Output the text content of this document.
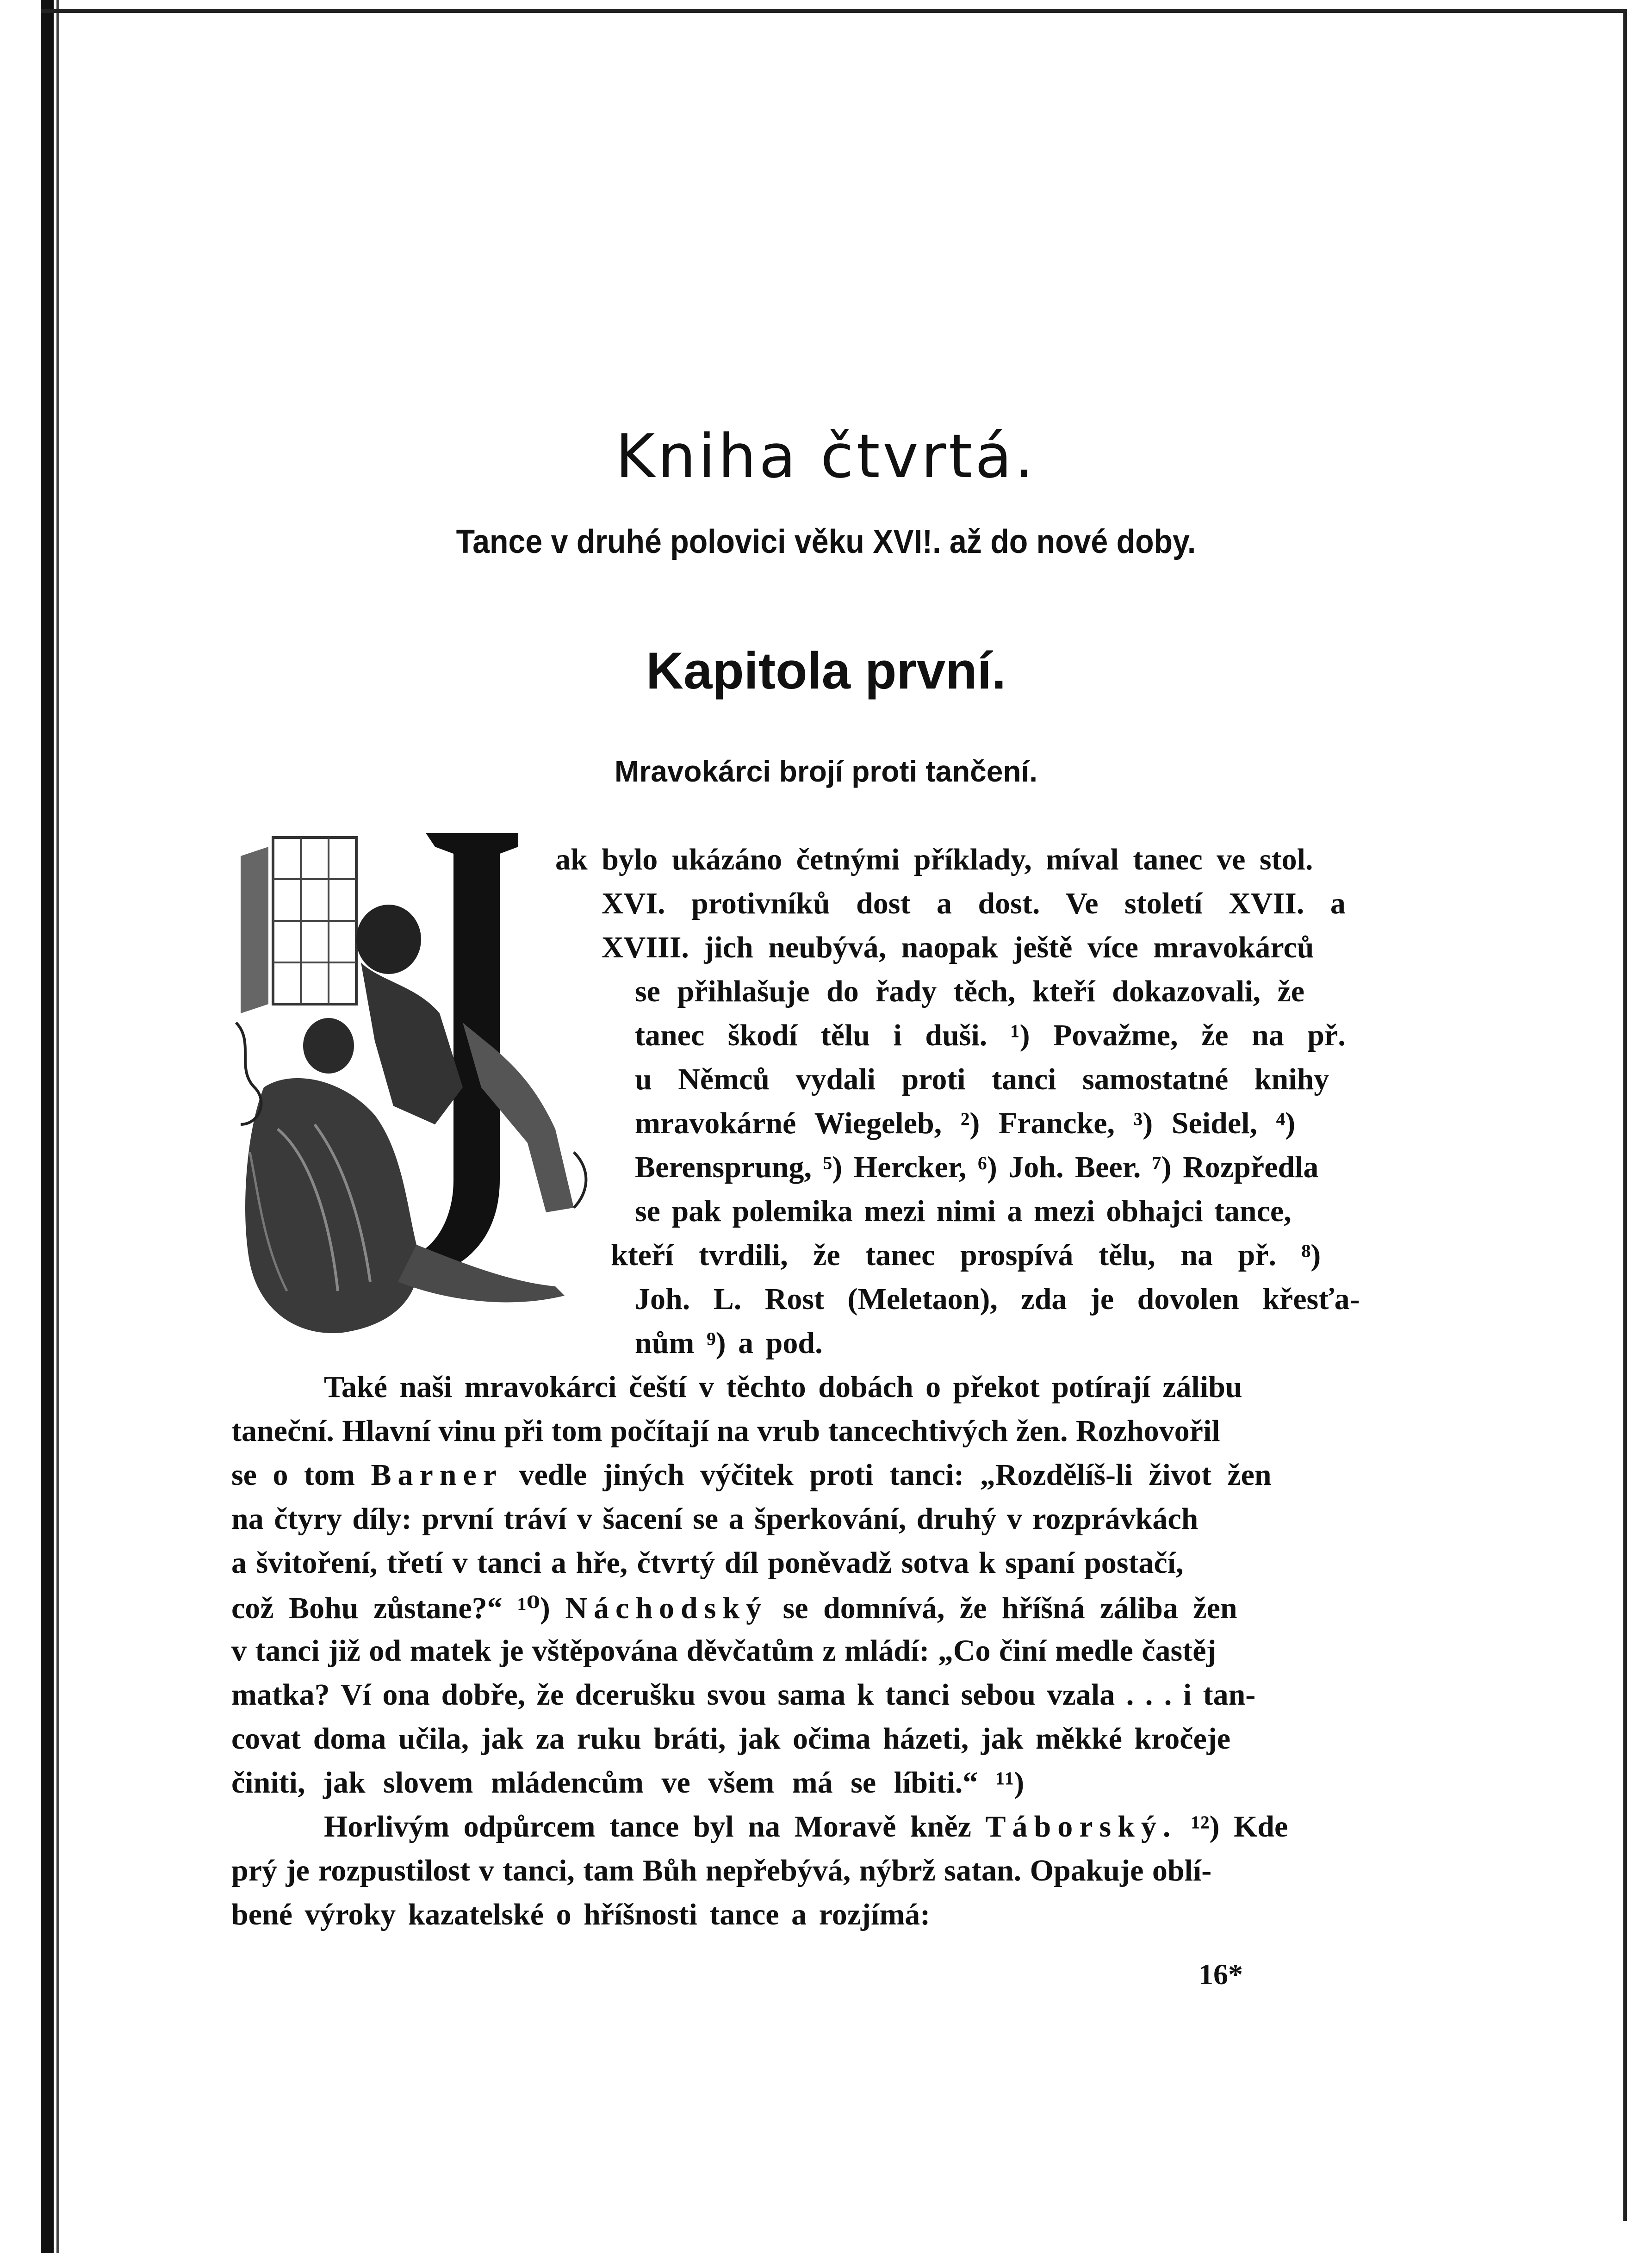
Kniha čtvrtá.
Tance v druhé polovici věku XVI!. až do nové doby.
Kapitola první.
Mravokárci brojí proti tančení.
ak bylo ukázáno četnými příklady, míval tanec ve stol.
XVI. protivníků dost a dost. Ve století XVII. a
XVIII. jich neubývá, naopak ještě více mravokárců
se přihlašuje do řady těch, kteří dokazovali, že
tanec škodí tělu i duši. ¹) Považme, že na př.
u Němců vydali proti tanci samostatné knihy
mravokárné Wiegeleb, ²) Francke, ³) Seidel, ⁴)
Berensprung, ⁵) Hercker, ⁶) Joh. Beer. ⁷) Rozpředla
se pak polemika mezi nimi a mezi obhajci tance,
kteří tvrdili, že tanec prospívá tělu, na př. ⁸)
Joh. L. Rost (Meletaon), zda je dovolen křesťa-
nům ⁹) a pod.
Také naši mravokárci čeští v těchto dobách o překot potírají zálibu
taneční. Hlavní vinu při tom počítají na vrub tancechtivých žen. Rozhovořil
se o tom Barner vedle jiných výčitek proti tanci: „Rozdělíš-li život žen
na čtyry díly: první tráví v šacení se a šperkování, druhý v rozprávkách
a švitoření, třetí v tanci a hře, čtvrtý díl poněvadž sotva k spaní postačí,
což Bohu zůstane?“ ¹⁰) Náchodský se domnívá, že hříšná záliba žen
v tanci již od matek je vštěpována děvčatům z mládí: „Co činí medle častěj
matka? Ví ona dobře, že dcerušku svou sama k tanci sebou vzala . . . i tan-
covat doma učila, jak za ruku bráti, jak očima házeti, jak měkké kročeje
činiti, jak slovem mládencům ve všem má se líbiti.“ ¹¹)
Horlivým odpůrcem tance byl na Moravě kněz Táborský. ¹²) Kde
prý je rozpustilost v tanci, tam Bůh nepřebývá, nýbrž satan. Opakuje oblí-
bené výroky kazatelské o hříšnosti tance a rozjímá:
16*
